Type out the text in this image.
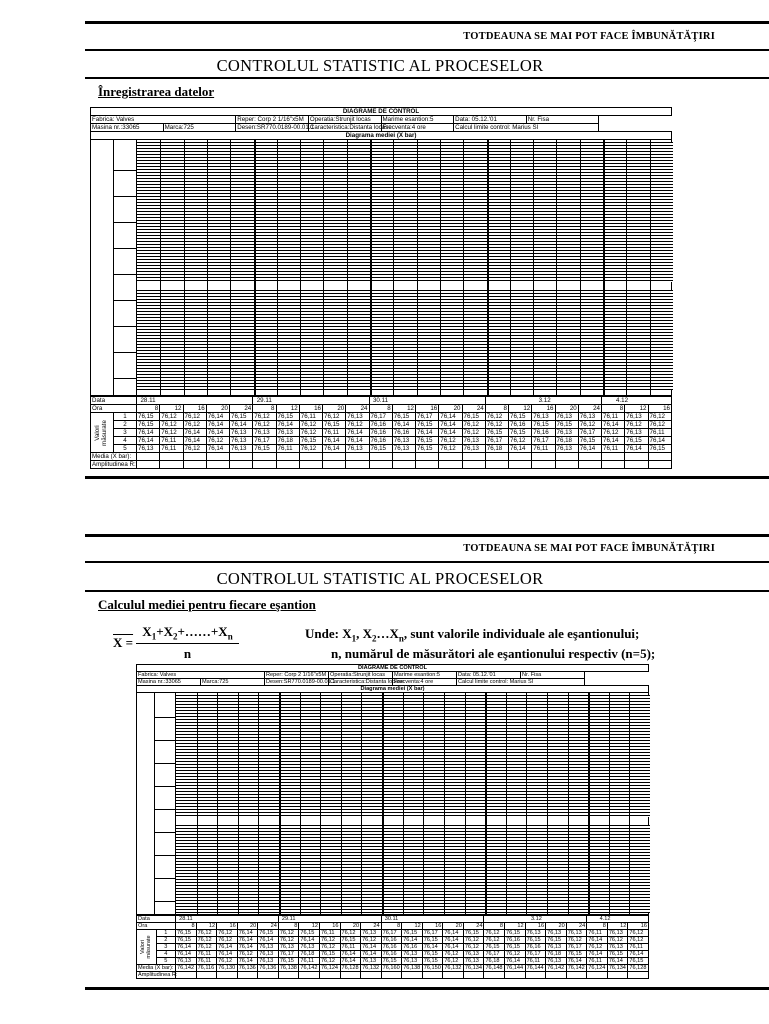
TOTDEAUNA SE MAI POT FACE ÎMBUNĂTĂŢIRI
CONTROLUL STATISTIC AL PROCESELOR
Înregistrarea datelor
DIAGRAME DE CONTROL						
Fabrica: Valves		Reper: Corp 2 1/16"x5M	Operatia:Strunjit locas	Marime esantion:5	Data: 05.12.'01	Nr. Fisa
Masina nr.:33065	Marca:725	Desen:SR770.0189-00.01.1	Caracteristica:Distanta locase	Frecventa:4 ore	Calcul limite control: Marius Sl	
Diagrama mediei (X bar)						
Data		28.11					29.11					30.11					3.12					4.12		
Ora		8	12	16	20	24	8	12	16	20	24	8	12	16	20	24	8	12	16	20	24	8	12	16

Valori măsurate	1	76,15	76,12	76,12	76,14	76,15	76,12	76,15	76,11	76,12	76,13	76,17	76,15	76,17	76,14	76,15	76,12	76,15	76,13	76,13	76,13	76,11	76,13	76,12
	2	76,15	76,12	76,12	76,14	76,14	76,12	76,14	76,12	76,15	76,12	76,16	76,14	76,15	76,14	76,12	76,12	76,16	76,15	76,15	76,12	76,14	76,12	76,12
	3	76,14	76,12	76,14	76,14	76,13	76,13	76,13	76,12	76,11	76,14	76,16	76,16	76,14	76,14	76,12	76,15	76,15	76,16	76,13	76,17	76,12	76,13	76,11
	4	76,14	76,11	76,14	76,12	76,13	76,17	76,18	76,15	76,14	76,14	76,16	76,13	76,15	76,12	76,13	76,17	76,12	76,17	76,18	76,15	76,14	76,15	76,14
	5	76,13	76,11	76,12	76,14	76,13	76,15	76,11	76,12	76,14	76,13	76,15	76,13	76,15	76,12	76,13	76,18	76,14	76,11	76,13	76,14	76,11	76,14	76,15
Media (X bar):																								
Amplitudinea R:																								
TOTDEAUNA SE MAI POT FACE ÎMBUNĂTĂŢIRI
CONTROLUL STATISTIC AL PROCESELOR
Calculul mediei pentru fiecare eşantion
$X = \frac{X_1+X_2+\dots\dots+X_n}{n}$	Unde: $X_1$, $X_2\dots X_n$, sunt valorile individuale ale eşantionului;
n, numărul de măsurători ale eşantionului respectiv (n=5);
DIAGRAME DE CONTROL						
Fabrica: Valves		Reper: Corp 2 1/16"x5M	Operatia:Strunjit locas	Marime esantion:5	Data: 05.12.'01	Nr. Fisa
Masina nr.:33065	Marca:725	Desen:SR770.0189-00.01.1	Caracteristica:Distanta locase	Frecventa:4 ore	Calcul limite control: Marius Sl	
Diagrama mediei (X bar)						
Data		28.11					29.11					30.11					3.12					4.12		
Ora		8	12	16	20	24	8	12	16	20	24	8	12	16	20	24	8	12	16	20	24	8	12	16

Valori măsurate	1	76,15	76,12	76,12	76,14	76,15	76,12	76,15	76,11	76,12	76,13	76,17	76,15	76,17	76,14	76,15	76,12	76,15	76,13	76,13	76,13	76,11	76,13	76,12
	2	76,15	76,12	76,12	76,14	76,14	76,12	76,14	76,12	76,15	76,12	76,16	76,14	76,15	76,14	76,12	76,12	76,16	76,15	76,15	76,12	76,14	76,12	76,12
	3	76,14	76,12	76,14	76,14	76,13	76,13	76,13	76,12	76,11	76,14	76,16	76,16	76,14	76,14	76,12	76,15	76,15	76,16	76,13	76,17	76,12	76,13	76,11
	4	76,14	76,11	76,14	76,12	76,13	76,17	76,18	76,15	76,14	76,14	76,16	76,13	76,15	76,12	76,13	76,17	76,12	76,17	76,18	76,15	76,14	76,15	76,14
	5	76,13	76,11	76,12	76,14	76,13	76,15	76,11	76,12	76,14	76,13	76,15	76,13	76,15	76,12	76,13	76,18	76,14	76,11	76,13	76,14	76,11	76,14	76,15
Media (X bar):		76,142	76,116	76,130	76,136	76,136	76,138	76,142	76,124	76,128	76,132	76,160	76,138	76,150	76,132	76,134	76,148	76,144	76,144	76,142	76,142	76,124	76,134	76,128
Amplitudinea R:																								
